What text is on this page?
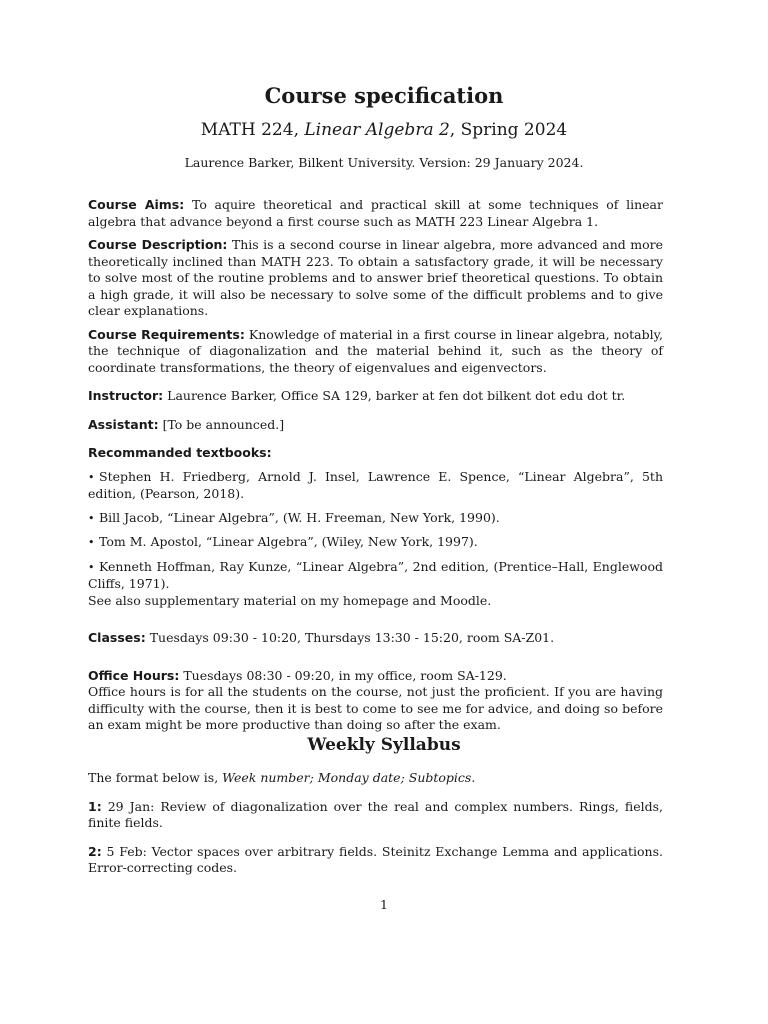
Course specification
MATH 224, Linear Algebra 2, Spring 2024
Laurence Barker, Bilkent University. Version: 29 January 2024.

Course Aims: To aquire theoretical and practical skill at some techniques of linear algebra that advance beyond a first course such as MATH 223 Linear Algebra 1.

Course Description: This is a second course in linear algebra, more advanced and more theoretically inclined than MATH 223. To obtain a satısfactory grade, it will be necessary to solve most of the routine problems and to answer brief theoretical questions. To obtain a high grade, it will also be necessary to solve some of the difficult problems and to give clear explanations.

Course Requirements: Knowledge of material in a first course in linear algebra, notably, the technique of diagonalization and the material behind it, such as the theory of coordinate transformations, the theory of eigenvalues and eigenvectors.

Instructor: Laurence Barker, Office SA 129, barker at fen dot bilkent dot edu dot tr.

Assistant: [To be announced.]

Recommanded textbooks:

• Stephen H. Friedberg, Arnold J. Insel, Lawrence E. Spence, “Linear Algebra”, 5th edition, (Pearson, 2018).

• Bill Jacob, “Linear Algebra”, (W. H. Freeman, New York, 1990).

• Tom M. Apostol, “Linear Algebra”, (Wiley, New York, 1997).

• Kenneth Hoffman, Ray Kunze, “Linear Algebra”, 2nd edition, (Prentice–Hall, Englewood Cliffs, 1971).

See also supplementary material on my homepage and Moodle.

Classes: Tuesdays 09:30 - 10:20, Thursdays 13:30 - 15:20, room SA-Z01.

Office Hours: Tuesdays 08:30 - 09:20, in my office, room SA-129.

Office hours is for all the students on the course, not just the proficient. If you are having difficulty with the course, then it is best to come to see me for advice, and doing so before an exam might be more productive than doing so after the exam.

Weekly Syllabus

The format below is, Week number; Monday date; Subtopics.

1: 29 Jan: Review of diagonalization over the real and complex numbers. Rings, fields, finite fields.

2: 5 Feb: Vector spaces over arbitrary fields. Steinitz Exchange Lemma and applications. Error-correcting codes.

1
